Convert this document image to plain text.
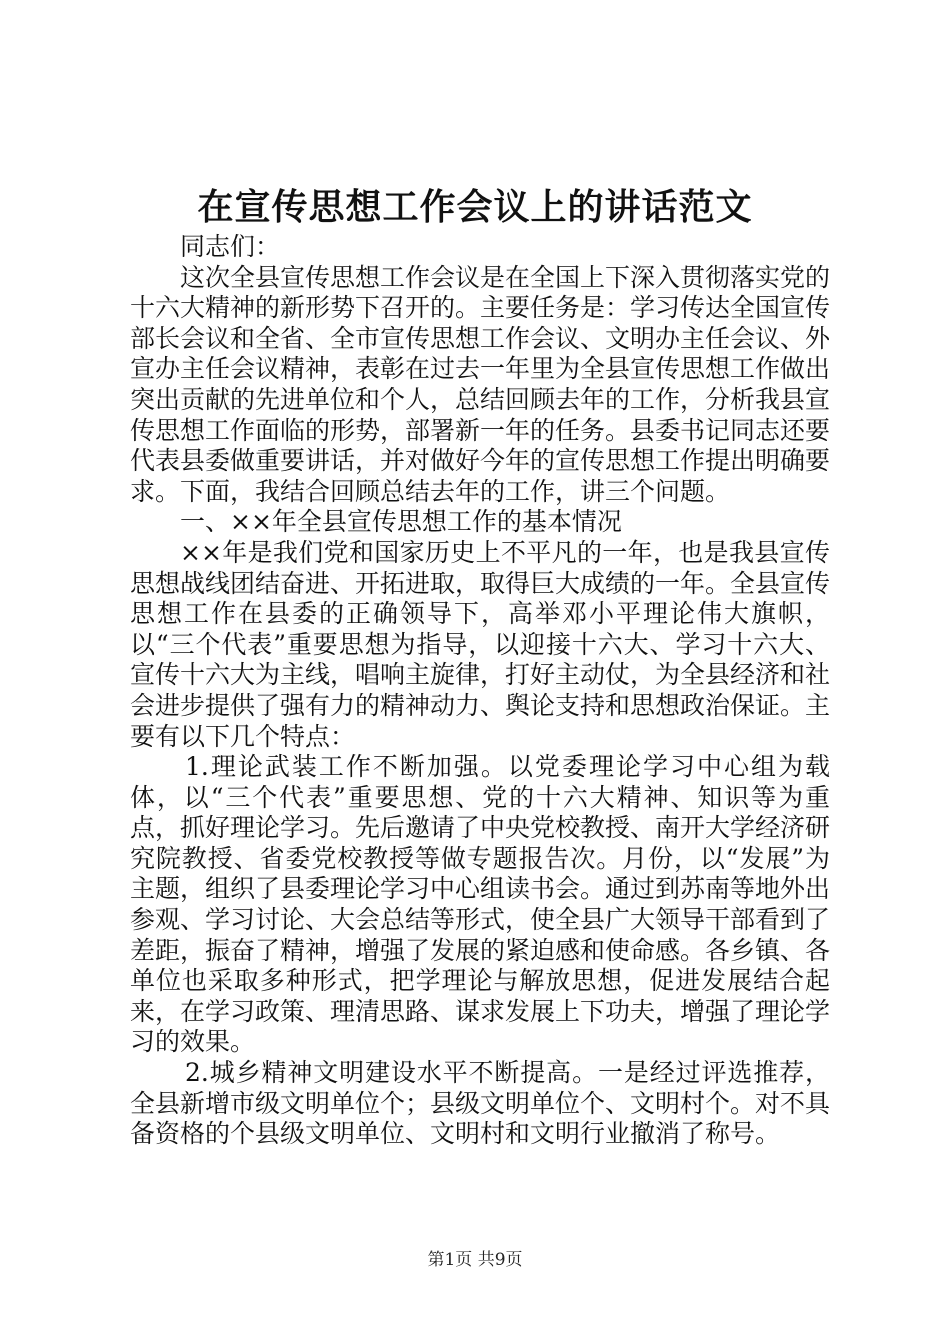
在宣传思想工作会议上的讲话范文

同志们：

这次全县宣传思想工作会议是在全国上下深入贯彻落实党的十六大精神的新形势下召开的。主要任务是：学习传达全国宣传部长会议和全省、全市宣传思想工作会议、文明办主任会议、外宣办主任会议精神，表彰在过去一年里为全县宣传思想工作做出突出贡献的先进单位和个人，总结回顾去年的工作，分析我县宣传思想工作面临的形势，部署新一年的任务。县委书记同志还要代表县委做重要讲话，并对做好今年的宣传思想工作提出明确要求。下面，我结合回顾总结去年的工作，讲三个问题。

一、××年全县宣传思想工作的基本情况

××年是我们党和国家历史上不平凡的一年，也是我县宣传思想战线团结奋进、开拓进取，取得巨大成绩的一年。全县宣传思想工作在县委的正确领导下，高举邓小平理论伟大旗帜，以“三个代表”重要思想为指导，以迎接十六大、学习十六大、宣传十六大为主线，唱响主旋律，打好主动仗，为全县经济和社会进步提供了强有力的精神动力、舆论支持和思想政治保证。主要有以下几个特点：

1.理论武装工作不断加强。以党委理论学习中心组为载体，以“三个代表”重要思想、党的十六大精神、知识等为重点，抓好理论学习。先后邀请了中央党校教授、南开大学经济研究院教授、省委党校教授等做专题报告次。月份，以“发展”为主题，组织了县委理论学习中心组读书会。通过到苏南等地外出参观、学习讨论、大会总结等形式，使全县广大领导干部看到了差距，振奋了精神，增强了发展的紧迫感和使命感。各乡镇、各单位也采取多种形式，把学理论与解放思想，促进发展结合起来，在学习政策、理清思路、谋求发展上下功夫，增强了理论学习的效果。

2.城乡精神文明建设水平不断提高。一是经过评选推荐，全县新增市级文明单位个；县级文明单位个、文明村个。对不具备资格的个县级文明单位、文明村和文明行业撤消了称号。

第1页 共9页
